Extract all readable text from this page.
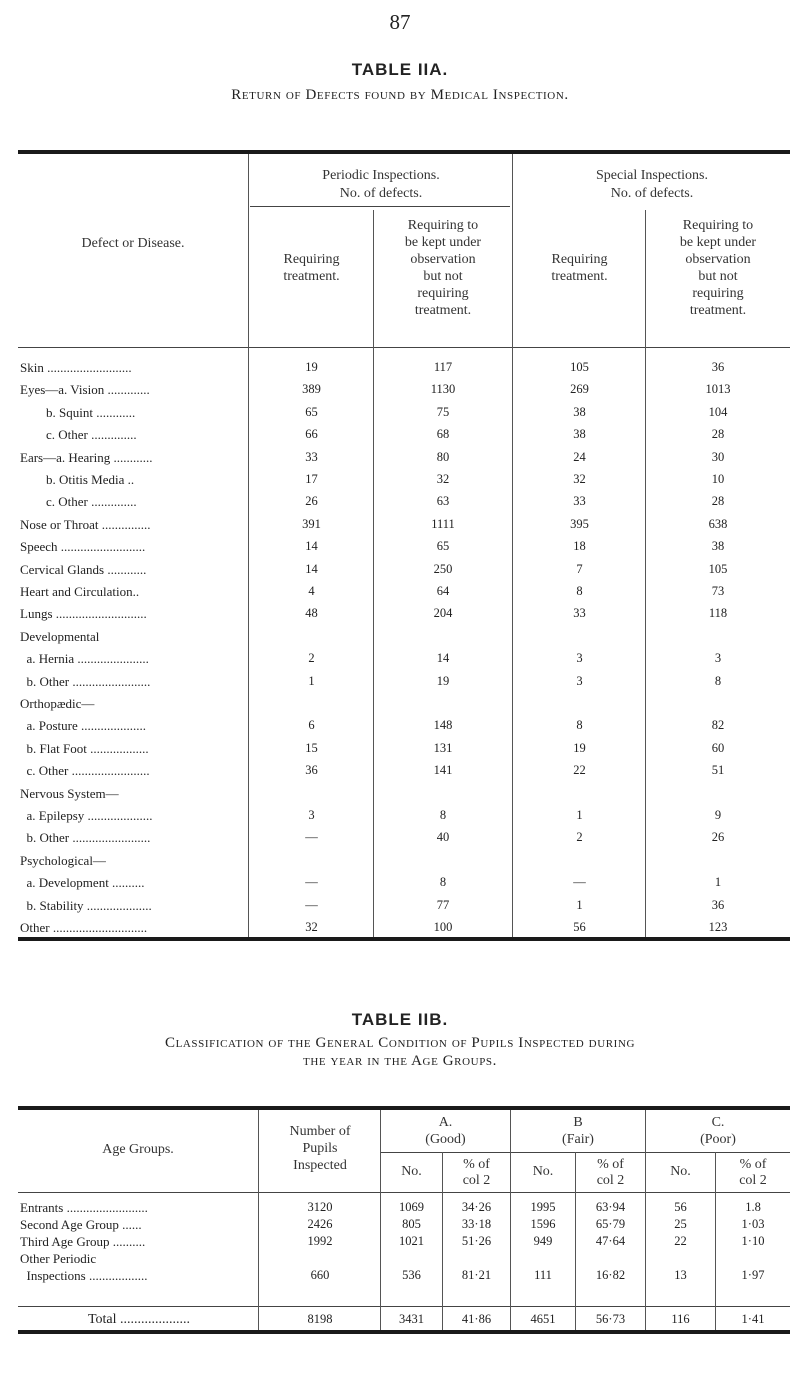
87
TABLE IIA.
Return of Defects found by Medical Inspection.
Defect or Disease.
Periodic Inspections.
No. of defects.
Special Inspections.
No. of defects.
Requiring
treatment.
Requiring
treatment.
Requiring to
be kept under
observation
but not
requiring
treatment.
Requiring to
be kept under
observation
but not
requiring
treatment.
Skin ..........................	19	117	105	36
Eyes—a. Vision .............	389	1130	269	1013
b. Squint ............	65	75	38	104
c. Other ..............	66	68	38	28
Ears—a. Hearing ............	33	80	24	30
b. Otitis Media ..	17	32	32	10
c. Other ..............	26	63	33	28
Nose or Throat ...............	391	1111	395	638
Speech ..........................	14	65	18	38
Cervical Glands ............	14	250	7	105
Heart and Circulation..	4	64	8	73
Lungs ............................	48	204	33	118
Developmental
a. Hernia ......................	2	14	3	3
b. Other ........................	1	19	3	8
Orthopædic—
a. Posture ....................	6	148	8	82
b. Flat Foot ..................	15	131	19	60
c. Other ........................	36	141	22	51
Nervous System—
a. Epilepsy ....................	3	8	1	9
b. Other ........................	—	40	2	26
Psychological—
a. Development ..........	—	8	—	1
b. Stability ....................	—	77	1	36
Other .............................	32	100	56	123
TABLE IIB.
Classification of the General Condition of Pupils Inspected during
the year in the Age Groups.
Age Groups.
Number of
Pupils
Inspected
A.
(Good)
B
(Fair)
C.
(Poor)
No.	% of
col 2
No.	% of
col 2
No.	% of
col 2
Entrants .........................	3120	1069	34·26	1995	63·94	56	1.8
Second Age Group ......	2426	805	33·18	1596	65·79	25	1·03
Third Age Group ..........	1992	1021	51·26	949	47·64	22	1·10
Other Periodic
Inspections ..................	660	536	81·21	111	16·82	13	1·97
Total ....................	8198	3431	41·86	4651	56·73	116	1·41
